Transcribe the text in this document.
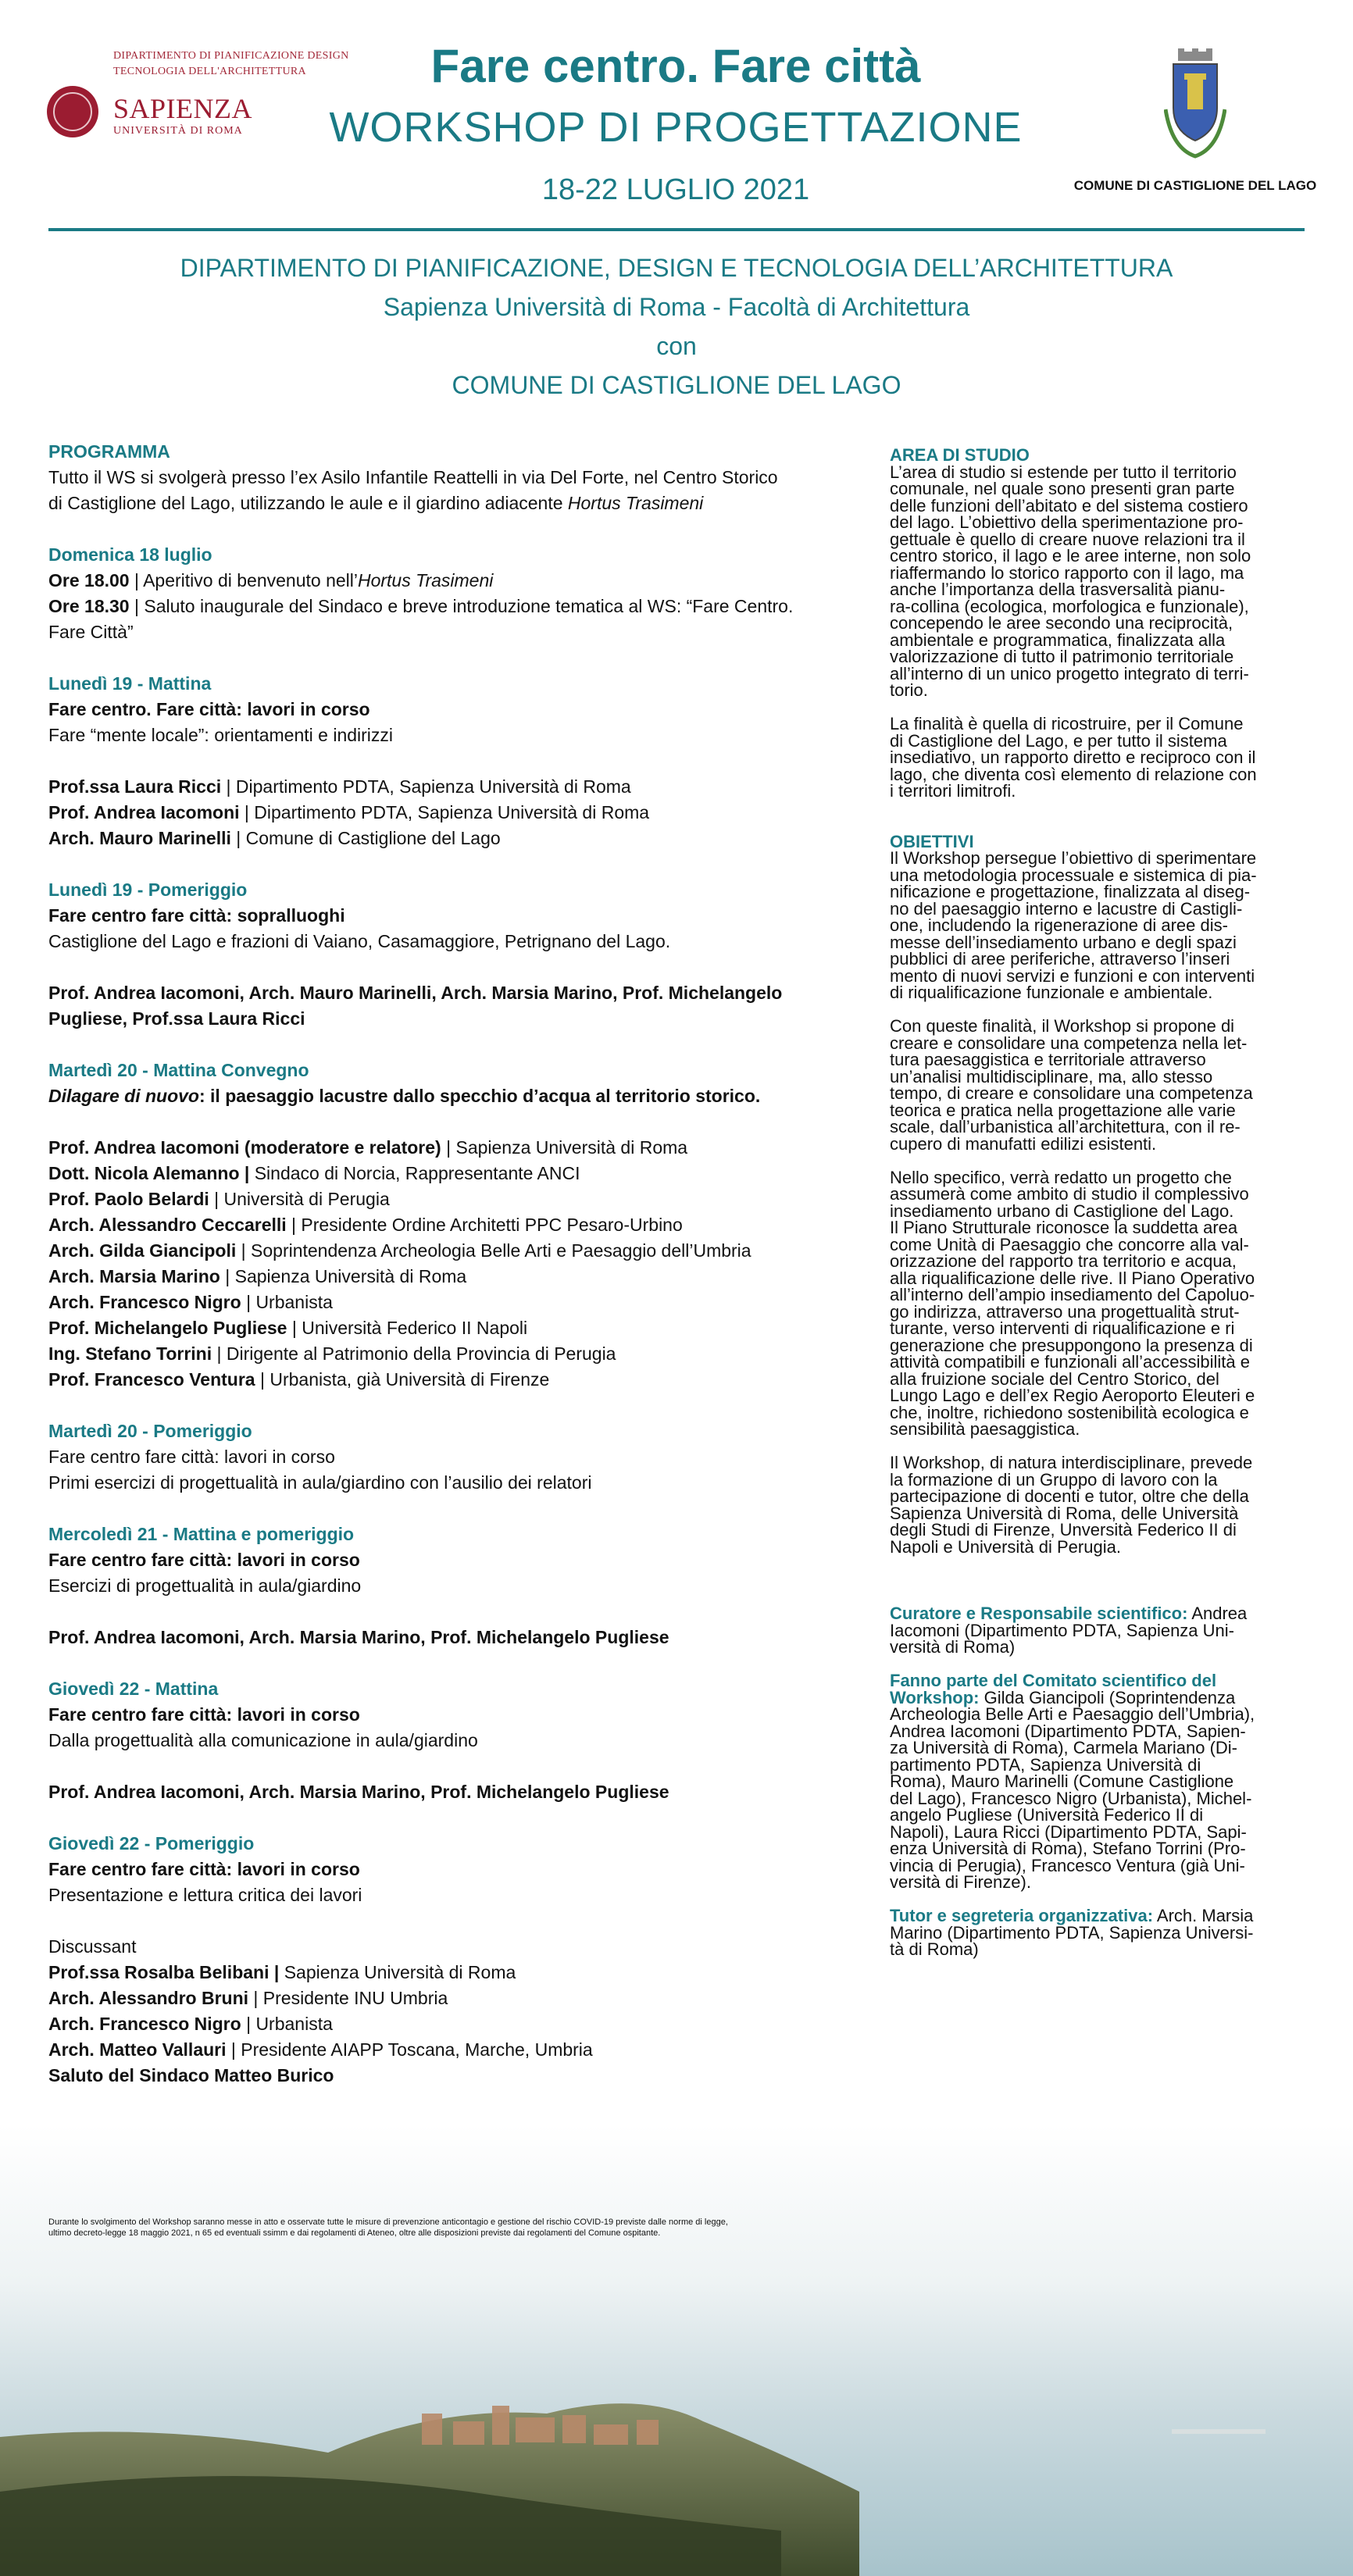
DIPARTIMENTO DI PIANIFICAZIONE DESIGN
TECNOLOGIA DELL'ARCHITETTURA
SAPIENZA
UNIVERSITÀ DI ROMA
Fare centro. Fare città
WORKSHOP DI PROGETTAZIONE
18-22 LUGLIO 2021	COMUNE DI CASTIGLIONE DEL LAGO
DIPARTIMENTO DI PIANIFICAZIONE, DESIGN E TECNOLOGIA DELL’ARCHITETTURA
Sapienza Università di Roma - Facoltà di Architettura
con
COMUNE DI CASTIGLIONE DEL LAGO
PROGRAMMA
Tutto il WS si svolgerà presso l’ex Asilo Infantile Reattelli in via Del Forte, nel Centro Storico
di Castiglione del Lago, utilizzando le aule e il giardino adiacente Hortus Trasimeni
Domenica 18 luglio
Ore 18.00 | Aperitivo di benvenuto nell’Hortus Trasimeni
Ore 18.30 | Saluto inaugurale del Sindaco e breve introduzione tematica al WS: “Fare Centro.
Fare Città”
Lunedì 19 - Mattina
Fare centro. Fare città: lavori in corso
Fare “mente locale”: orientamenti e indirizzi
Prof.ssa Laura Ricci | Dipartimento PDTA, Sapienza Università di Roma
Prof. Andrea Iacomoni | Dipartimento PDTA, Sapienza Università di Roma
Arch. Mauro Marinelli | Comune di Castiglione del Lago
Lunedì 19 - Pomeriggio
Fare centro fare città: sopralluoghi
Castiglione del Lago e frazioni di Vaiano, Casamaggiore, Petrignano del Lago.
Prof. Andrea Iacomoni, Arch. Mauro Marinelli, Arch. Marsia Marino, Prof. Michelangelo
Pugliese, Prof.ssa Laura Ricci
Martedì 20 - Mattina Convegno
Dilagare di nuovo: il paesaggio lacustre dallo specchio d’acqua al territorio storico.
Prof. Andrea Iacomoni (moderatore e relatore) | Sapienza Università di Roma
Dott. Nicola Alemanno | Sindaco di Norcia, Rappresentante ANCI
Prof. Paolo Belardi | Università di Perugia
Arch. Alessandro Ceccarelli | Presidente Ordine Architetti PPC Pesaro-Urbino
Arch. Gilda Giancipoli | Soprintendenza Archeologia Belle Arti e Paesaggio dell’Umbria
Arch. Marsia Marino | Sapienza Università di Roma
Arch. Francesco Nigro | Urbanista
Prof. Michelangelo Pugliese | Università Federico II Napoli
Ing. Stefano Torrini | Dirigente al Patrimonio della Provincia di Perugia
Prof. Francesco Ventura | Urbanista, già Università di Firenze
Martedì 20 - Pomeriggio
Fare centro fare città: lavori in corso
Primi esercizi di progettualità in aula/giardino con l’ausilio dei relatori
Mercoledì 21 - Mattina e pomeriggio
Fare centro fare città: lavori in corso
Esercizi di progettualità in aula/giardino
Prof. Andrea Iacomoni, Arch. Marsia Marino, Prof. Michelangelo Pugliese
Giovedì 22 - Mattina
Fare centro fare città: lavori in corso
Dalla progettualità alla comunicazione in aula/giardino
Prof. Andrea Iacomoni, Arch. Marsia Marino, Prof. Michelangelo Pugliese
Giovedì 22 - Pomeriggio
Fare centro fare città: lavori in corso
Presentazione e lettura critica dei lavori
Discussant
Prof.ssa Rosalba Belibani | Sapienza Università di Roma
Arch. Alessandro Bruni | Presidente INU Umbria
Arch. Francesco Nigro | Urbanista
Arch. Matteo Vallauri | Presidente AIAPP Toscana, Marche, Umbria
Saluto del Sindaco Matteo Burico
Durante lo svolgimento del Workshop saranno messe in atto e osservate tutte le misure di prevenzione anticontagio e gestione del rischio COVID-19 previste dalle norme di legge,
ultimo decreto-legge 18 maggio 2021, n 65 ed eventuali ssimm e dai regolamenti di Ateneo, oltre alle disposizioni previste dai regolamenti del Comune ospitante.
AREA DI STUDIO

L’area di studio si estende per tutto il territorio

comunale, nel quale sono presenti gran parte

delle funzioni dell’abitato e del sistema costiero

del lago. L’obiettivo della sperimentazione pro-

gettuale è quello di creare nuove relazioni tra il

centro storico, il lago e le aree interne, non solo

riaffermando lo storico rapporto con il lago, ma

anche l’importanza della trasversalità pianu-

ra-collina (ecologica, morfologica e funzionale),

concependo le aree secondo una reciprocità,

ambientale e programmatica, finalizzata alla

valorizzazione di tutto il patrimonio territoriale

all’interno di un unico progetto integrato di terri-

torio.

La finalità è quella di ricostruire, per il Comune

di Castiglione del Lago, e per tutto il sistema

insediativo, un rapporto diretto e reciproco con il

lago, che diventa così elemento di relazione con

i territori limitrofi.

OBIETTIVI

Il Workshop persegue l’obiettivo di sperimentare

una metodologia processuale e sistemica di pia-

nificazione e progettazione, finalizzata al diseg-

no del paesaggio interno e lacustre di Castigli-

one, includendo la rigenerazione di aree dis-

messe dell’insediamento urbano e degli spazi

pubblici di aree periferiche, attraverso l’inseri

mento di nuovi servizi e funzioni e con interventi

di riqualificazione funzionale e ambientale.

Con queste finalità, il Workshop si propone di

creare e consolidare una competenza nella let-

tura paesaggistica e territoriale attraverso

un’analisi multidisciplinare, ma, allo stesso

tempo, di creare e consolidare una competenza

teorica e pratica nella progettazione alle varie

scale, dall’urbanistica all’architettura, con il re-

cupero di manufatti edilizi esistenti.

Nello specifico, verrà redatto un progetto che

assumerà come ambito di studio il complessivo

insediamento urbano di Castiglione del Lago.

Il Piano Strutturale riconosce la suddetta area

come Unità di Paesaggio che concorre alla val-

orizzazione del rapporto tra territorio e acqua,

alla riqualificazione delle rive. Il Piano Operativo

all’interno dell’ampio insediamento del Capoluo-

go indirizza, attraverso una progettualità strut-

turante, verso interventi di riqualificazione e ri

generazione che presuppongono la presenza di

attività compatibili e funzionali all’accessibilità e

alla fruizione sociale del Centro Storico, del

Lungo Lago e dell’ex Regio Aeroporto Eleuteri e

che, inoltre, richiedono sostenibilità ecologica e

sensibilità paesaggistica.

Il Workshop, di natura interdisciplinare, prevede

la formazione di un Gruppo di lavoro con la

partecipazione di docenti e tutor, oltre che della

Sapienza Università di Roma, delle Università

degli Studi di Firenze, Unversità Federico II di

Napoli e Università di Perugia.

Curatore e Responsabile scientifico: Andrea

Iacomoni (Dipartimento PDTA, Sapienza Uni-

versità di Roma)

Fanno parte del Comitato scientifico del

Workshop: Gilda Giancipoli (Soprintendenza

Archeologia Belle Arti e Paesaggio dell’Umbria),

Andrea Iacomoni (Dipartimento PDTA, Sapien-

za Università di Roma), Carmela Mariano (Di-

partimento PDTA, Sapienza Università di

Roma), Mauro Marinelli (Comune Castiglione

del Lago), Francesco Nigro (Urbanista), Michel-

angelo Pugliese (Università Federico II di

Napoli), Laura Ricci (Dipartimento PDTA, Sapi-

enza Università di Roma), Stefano Torrini (Pro-

vincia di Perugia), Francesco Ventura (già Uni-

versità di Firenze).

Tutor e segreteria organizzativa: Arch. Marsia

Marino (Dipartimento PDTA, Sapienza Universi-

tà di Roma)
